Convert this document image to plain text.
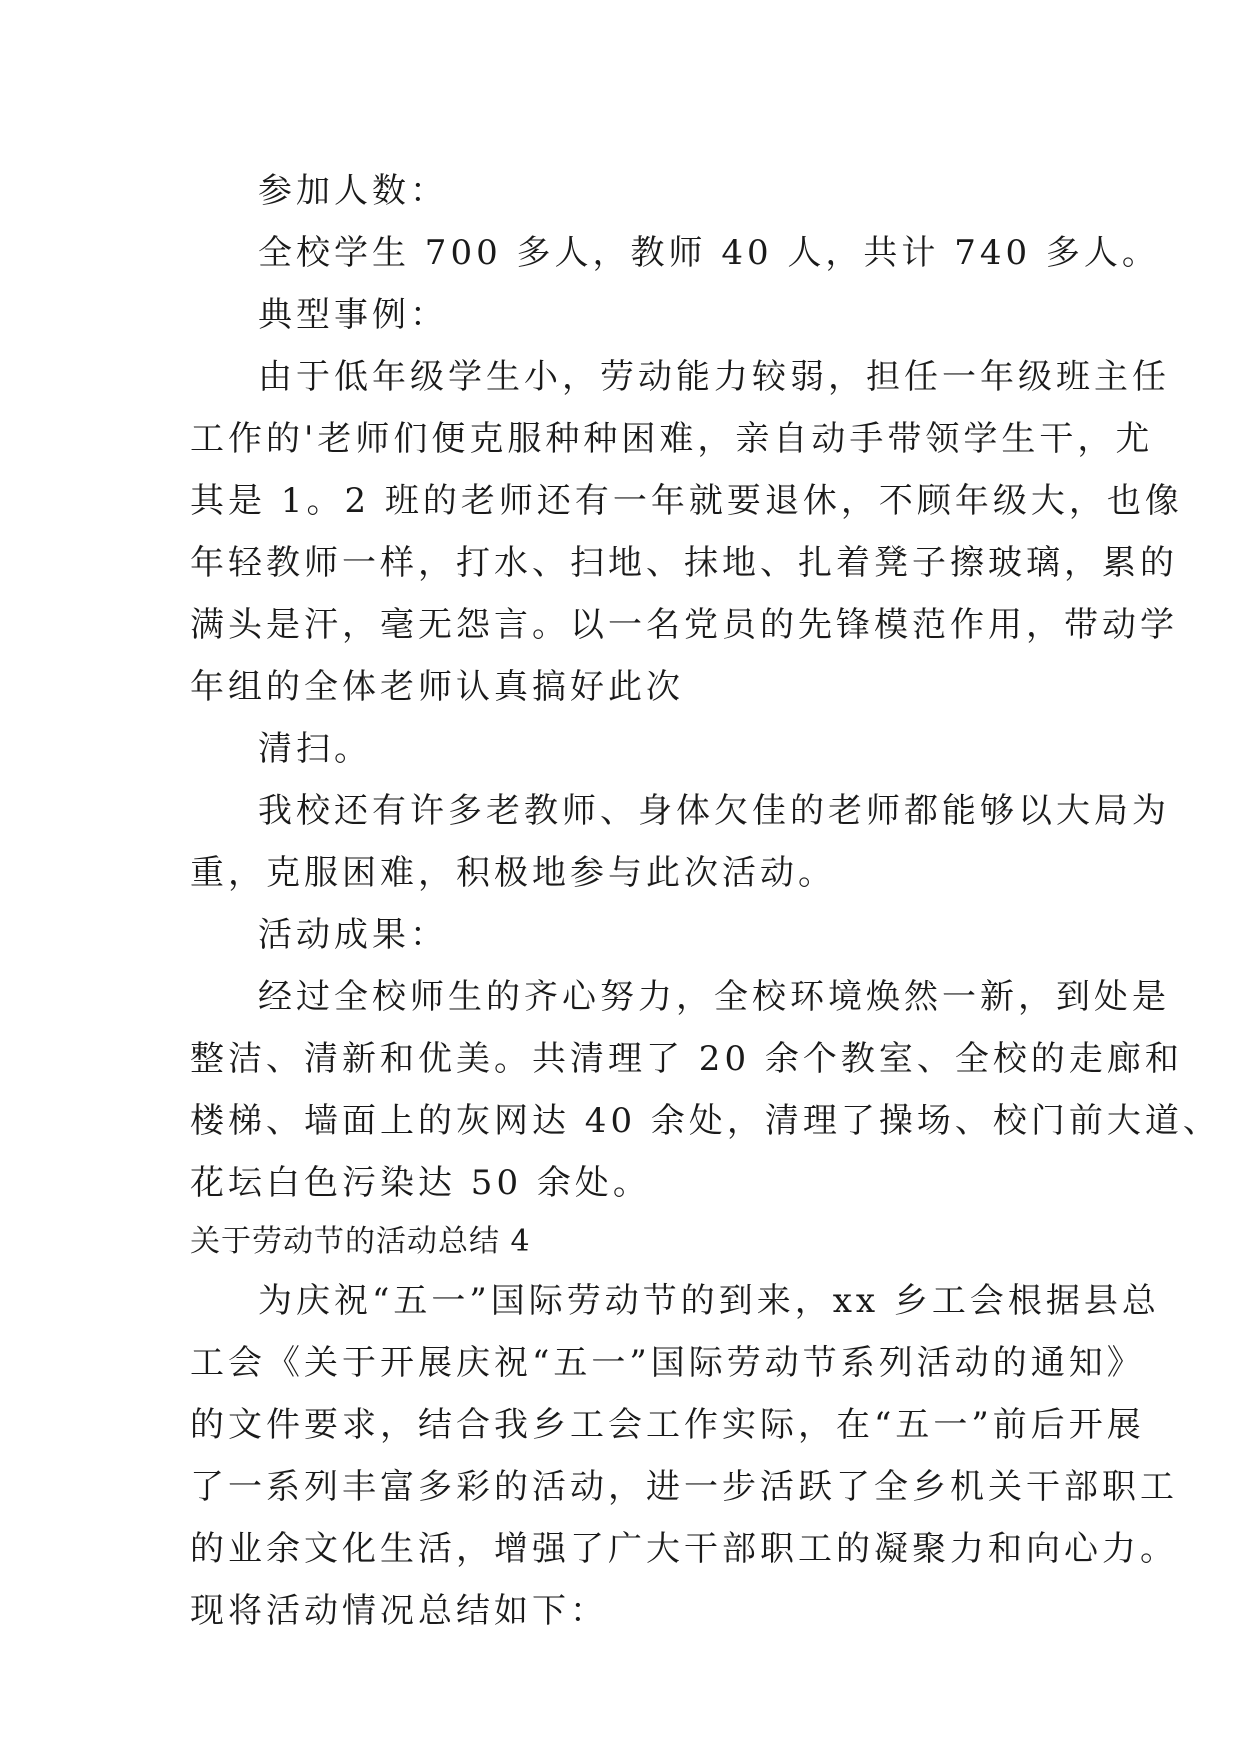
参加人数：
全校学生 700 多人，教师 40 人，共计 740 多人。
典型事例：
由于低年级学生小，劳动能力较弱，担任一年级班主任
工作的'老师们便克服种种困难，亲自动手带领学生干，尤
其是 1。2 班的老师还有一年就要退休，不顾年级大，也像
年轻教师一样，打水、扫地、抹地、扎着凳子擦玻璃，累的
满头是汗，毫无怨言。以一名党员的先锋模范作用，带动学
年组的全体老师认真搞好此次
清扫。
我校还有许多老教师、身体欠佳的老师都能够以大局为
重，克服困难，积极地参与此次活动。
活动成果：
经过全校师生的齐心努力，全校环境焕然一新，到处是
整洁、清新和优美。共清理了 20 余个教室、全校的走廊和
楼梯、墙面上的灰网达 40 余处，清理了操场、校门前大道、
花坛白色污染达 50 余处。
关于劳动节的活动总结 4
为庆祝“五一”国际劳动节的到来，xx 乡工会根据县总
工会《关于开展庆祝“五一”国际劳动节系列活动的通知》
的文件要求，结合我乡工会工作实际，在“五一”前后开展
了一系列丰富多彩的活动，进一步活跃了全乡机关干部职工
的业余文化生活，增强了广大干部职工的凝聚力和向心力。
现将活动情况总结如下：
